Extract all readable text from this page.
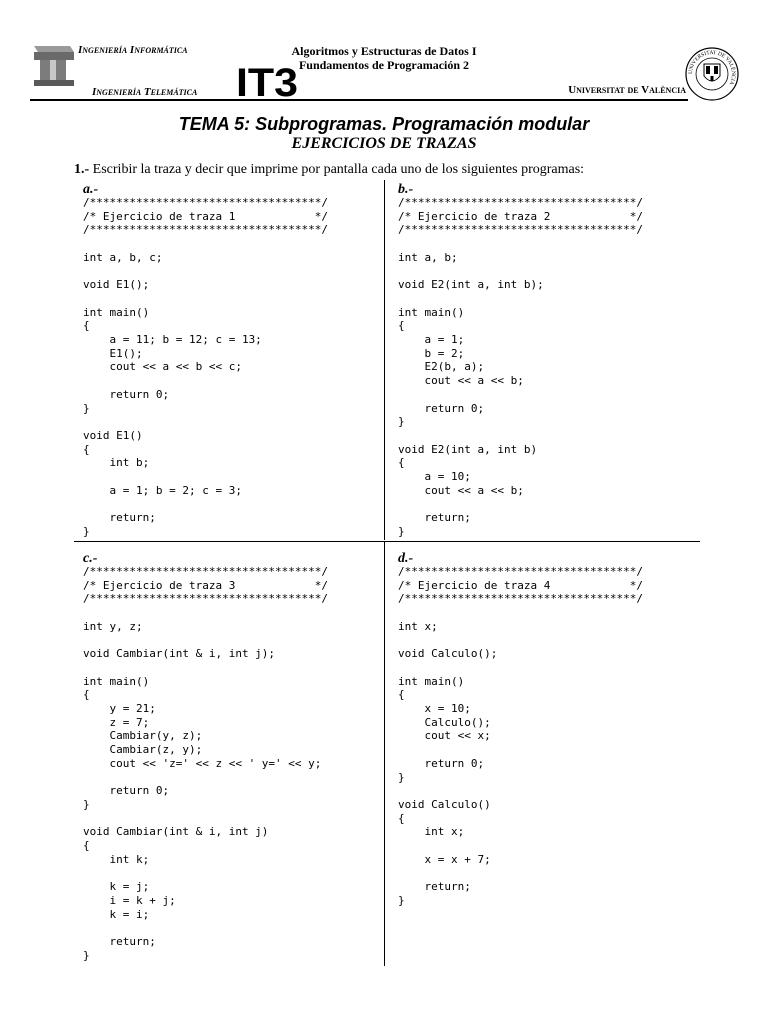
Ingeniería Informática
Ingeniería Telemática
Algoritmos y Estructuras de Datos I
Fundamentos de Programación 2
IT3	Universitat de València
UNIVERSITAT DE VALÈNCIA
TEMA 5: Subprogramas. Programación modular
EJERCICIOS DE TRAZAS
1.- Escribir la traza y decir que imprime por pantalla cada uno de los siguientes programas:
a.-
/***********************************/
/* Ejercicio de traza 1            */
/***********************************/

int a, b, c;

void E1();

int main()
{
a = 11; b = 12; c = 13;
E1();
cout << a << b << c;

return 0;
}

void E1()
{
int b;

a = 1; b = 2; c = 3;

return;
}
b.-
/***********************************/
/* Ejercicio de traza 2            */
/***********************************/

int a, b;

void E2(int a, int b);

int main()
{
a = 1;
b = 2;
E2(b, a);
cout << a << b;

return 0;
}

void E2(int a, int b)
{
a = 10;
cout << a << b;

return;
}
c.-
/***********************************/
/* Ejercicio de traza 3            */
/***********************************/

int y, z;

void Cambiar(int & i, int j);

int main()
{
y = 21;
z = 7;
Cambiar(y, z);
Cambiar(z, y);
cout << 'z=' << z << ' y=' << y;

return 0;
}

void Cambiar(int & i, int j)
{
int k;

k = j;
i = k + j;
k = i;

return;
}
d.-
/***********************************/
/* Ejercicio de traza 4            */
/***********************************/

int x;

void Calculo();

int main()
{
x = 10;
Calculo();
cout << x;

return 0;
}

void Calculo()
{
int x;

x = x + 7;

return;
}
